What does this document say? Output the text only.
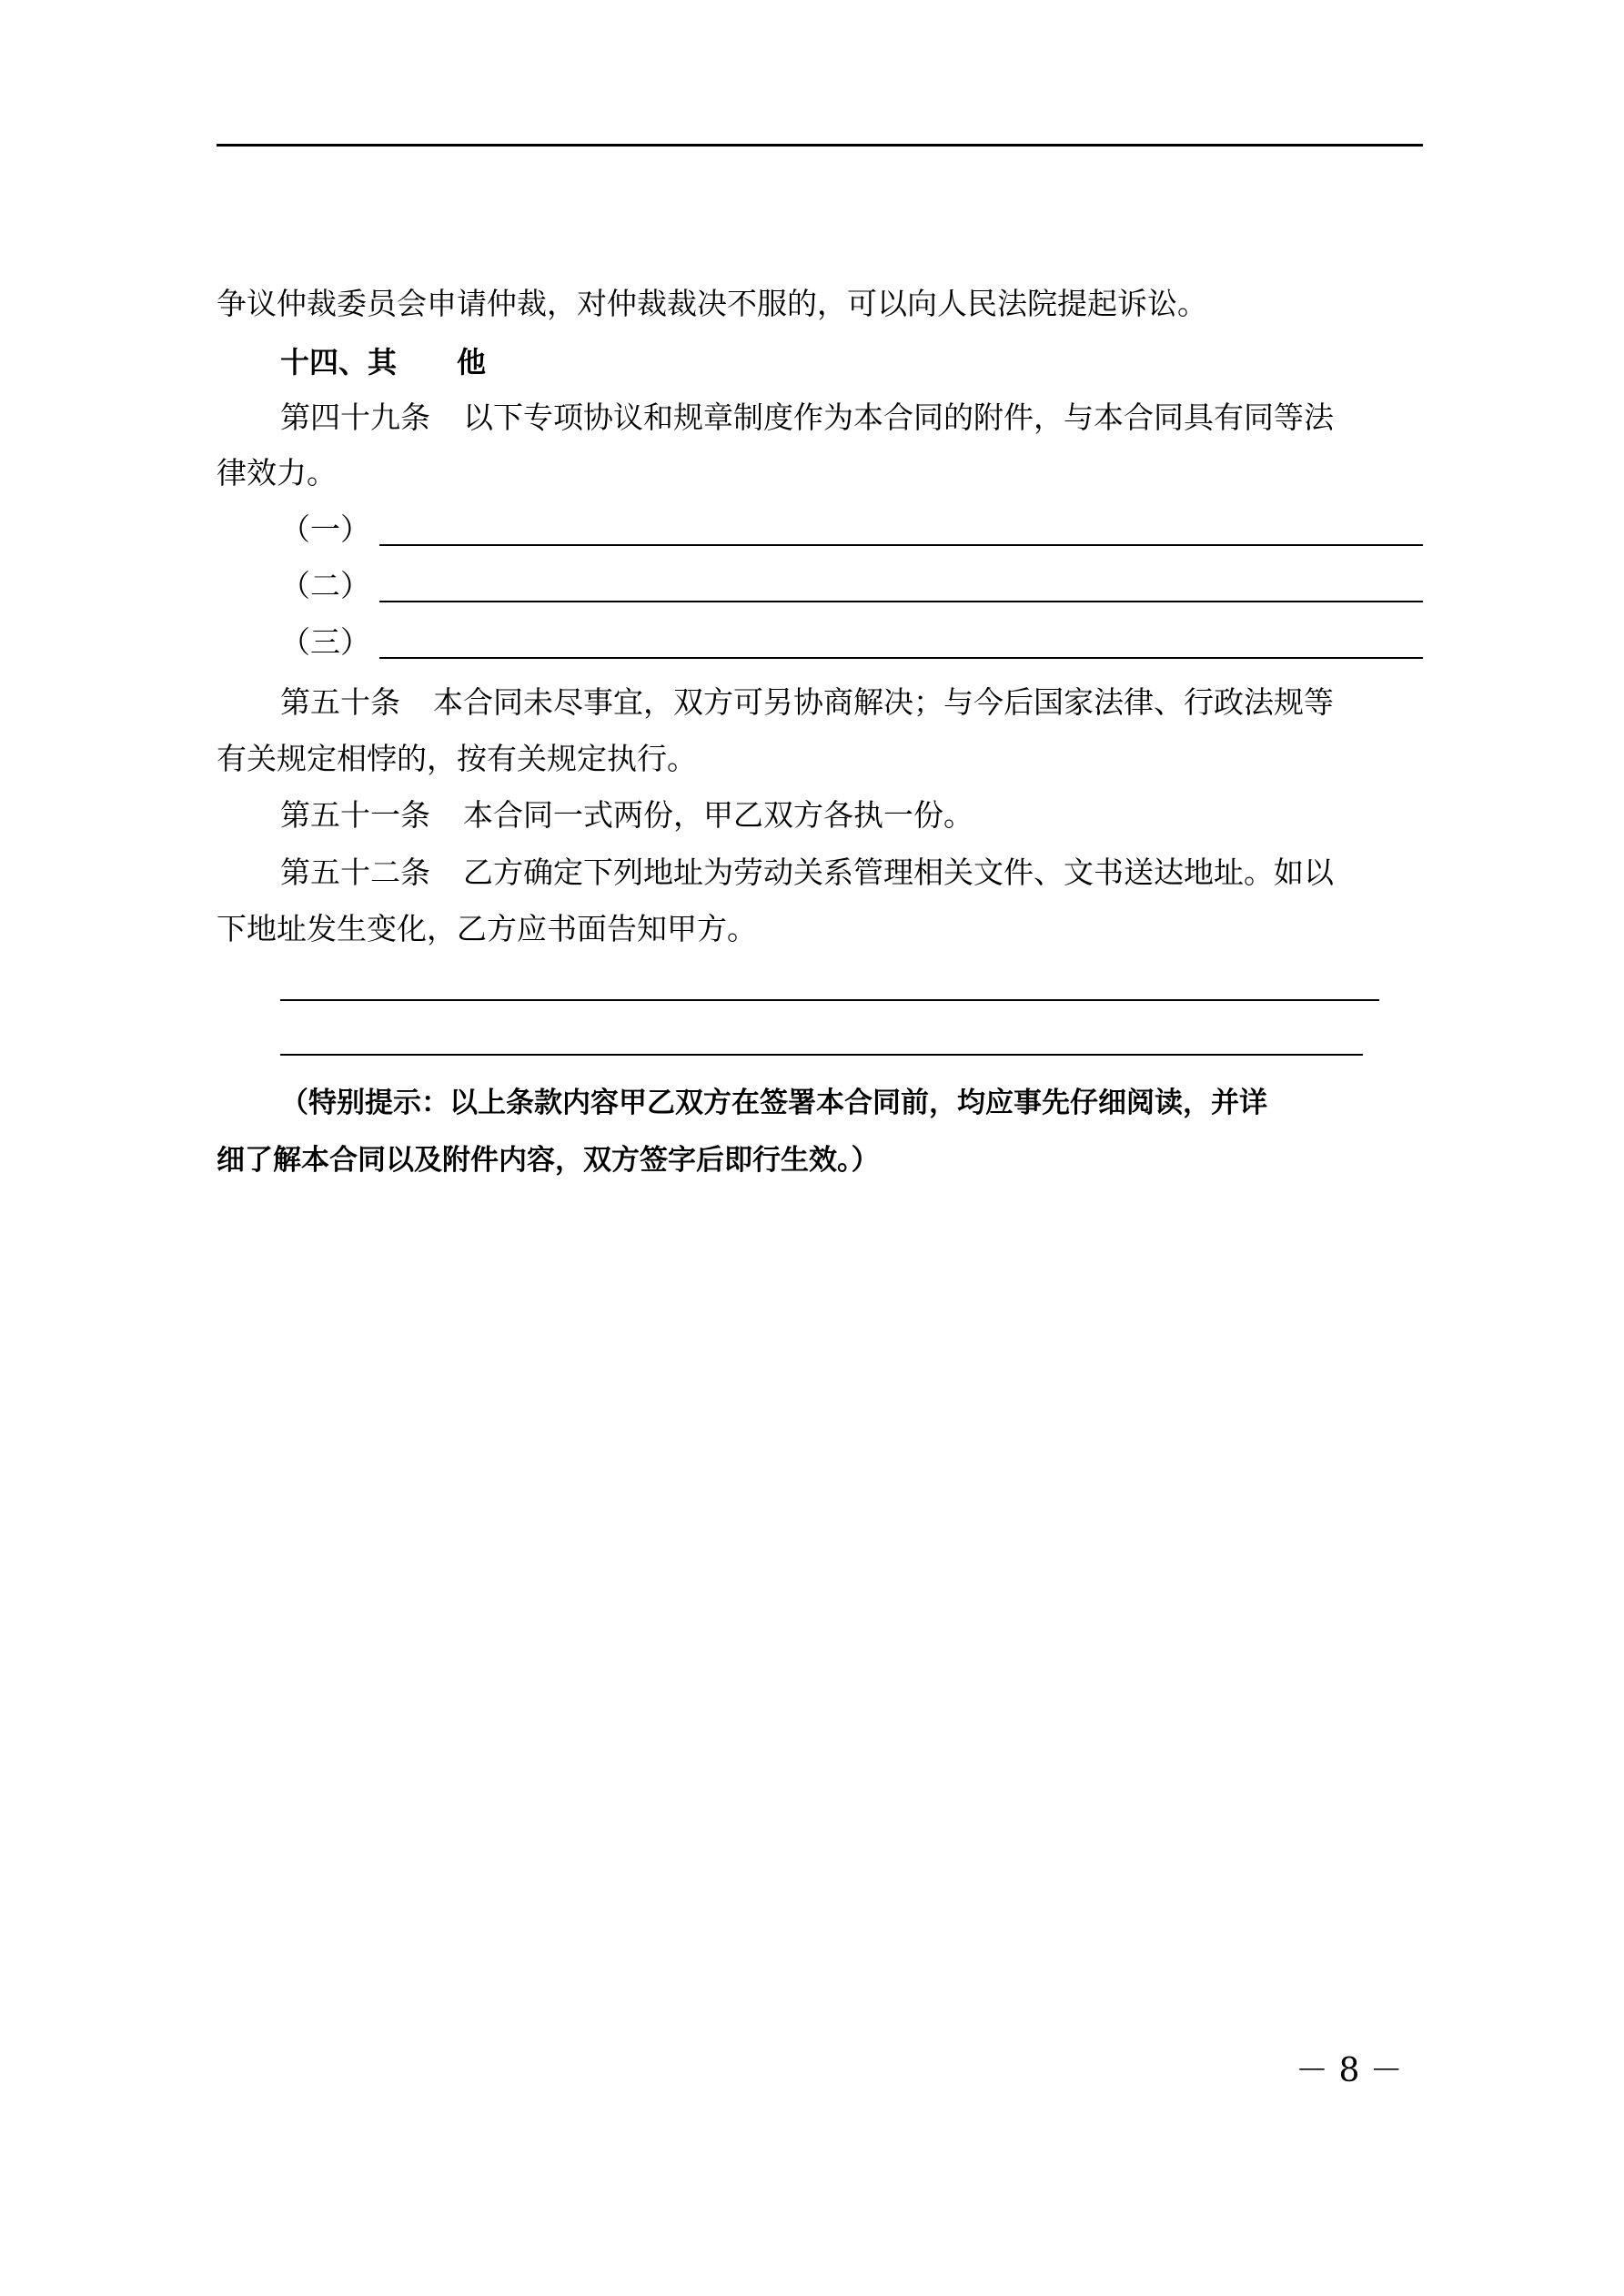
争议仲裁委员会申请仲裁，对仲裁裁决不服的，可以向人民法院提起诉讼。
十四、其 他
第四十九条 以下专项协议和规章制度作为本合同的附件，与本合同具有同等法
律效力。
（一）
（二）
（三）
第五十条 本合同未尽事宜，双方可另协商解决；与今后国家法律、行政法规等
有关规定相悖的，按有关规定执行。
第五十一条 本合同一式两份，甲乙双方各执一份。
第五十二条 乙方确定下列地址为劳动关系管理相关文件、文书送达地址。如以
下地址发生变化，乙方应书面告知甲方。
（特别提示：以上条款内容甲乙双方在签署本合同前，均应事先仔细阅读，并详
细了解本合同以及附件内容，双方签字后即行生效。）
－ 8 －
